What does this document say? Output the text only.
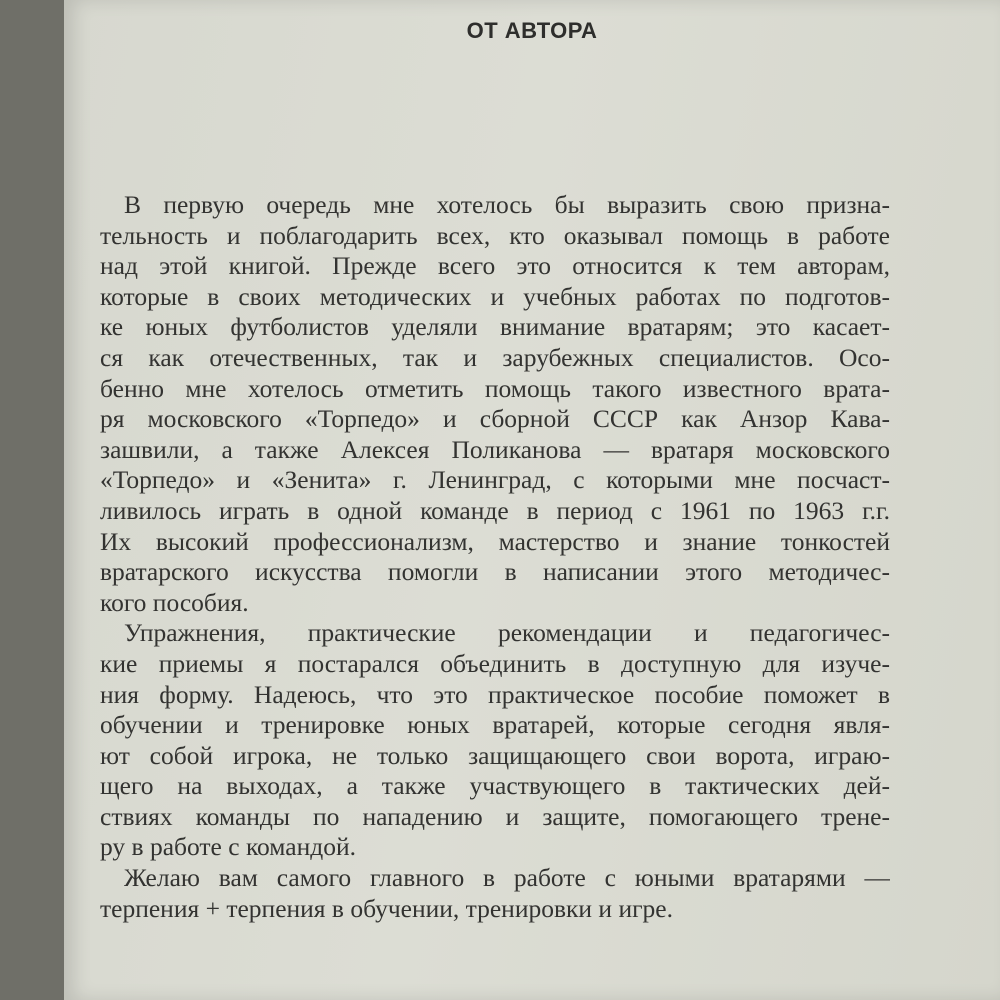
ОТ АВТОРА
В первую очередь мне хотелось бы выразить свою призна-
тельность и поблагодарить всех, кто оказывал помощь в работе
над этой книгой. Прежде всего это относится к тем авторам,
которые в своих методических и учебных работах по подготов-
ке юных футболистов уделяли внимание вратарям; это касает-
ся как отечественных, так и зарубежных специалистов. Осо-
бенно мне хотелось отметить помощь такого известного врата-
ря московского «Торпедо» и сборной СССР как Анзор Кава-
зашвили, а также Алексея Поликанова — вратаря московского
«Торпедо» и «Зенита» г. Ленинград, с которыми мне посчаст-
ливилось играть в одной команде в период с 1961 по 1963 г.г.
Их высокий профессионализм, мастерство и знание тонкостей
вратарского искусства помогли в написании этого методичес-
кого пособия.
Упражнения, практические рекомендации и педагогичес-
кие приемы я постарался объединить в доступную для изуче-
ния форму. Надеюсь, что это практическое пособие поможет в
обучении и тренировке юных вратарей, которые сегодня явля-
ют собой игрока, не только защищающего свои ворота, играю-
щего на выходах, а также участвующего в тактических дей-
ствиях команды по нападению и защите, помогающего трене-
ру в работе с командой.
Желаю вам самого главного в работе с юными вратарями —
терпения + терпения в обучении, тренировки и игре.
